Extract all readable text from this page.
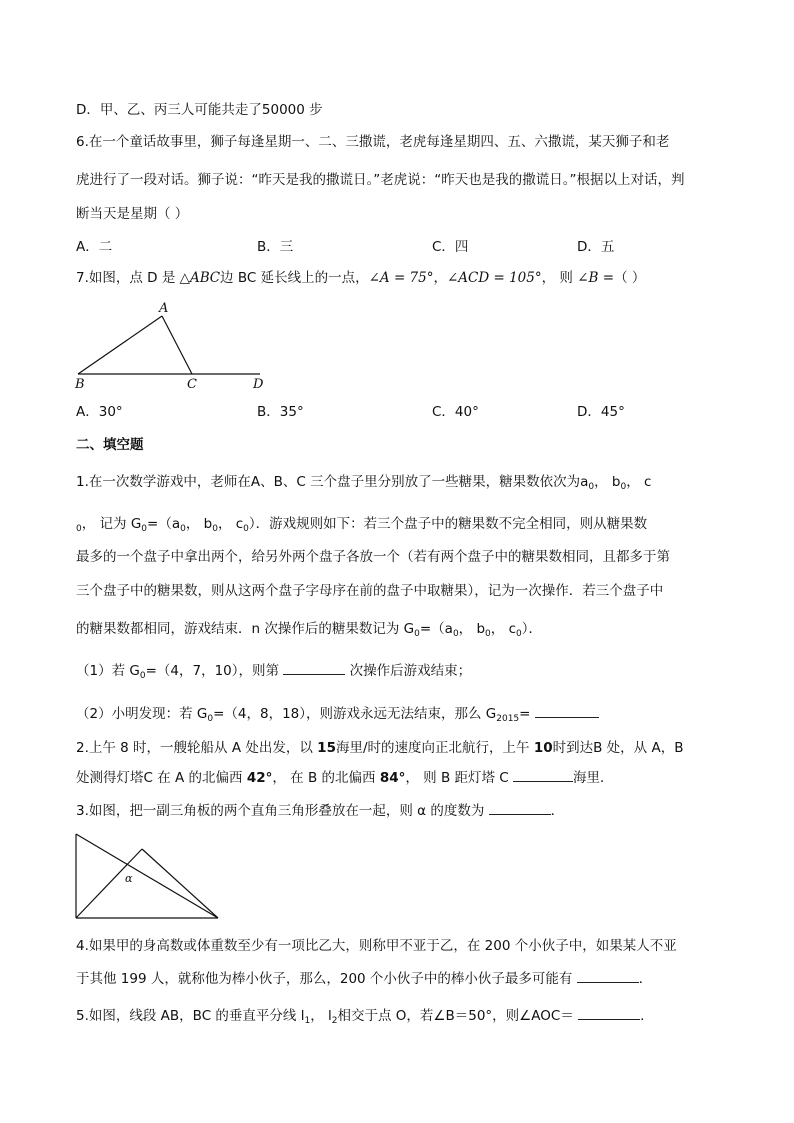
D．甲、乙、丙三人可能共走了50000 步
6.在一个童话故事里，狮子每逢星期一、二、三撒谎，老虎每逢星期四、五、六撒谎，某天狮子和老
虎进行了一段对话。狮子说：“昨天是我的撒谎日。”老虎说：“昨天也是我的撒谎日。”根据以上对话，判
断当天是星期（ ）
A．二	B．三	C．四	D．五
7.如图，点 D 是 △𝐴𝐵𝐶边 BC 延长线上的一点，∠𝐴 = 75°，∠𝐴𝐶𝐷 = 105°， 则 ∠𝐵 =（ ）
A
B	C	D
A．30°	B．35°	C．40°	D．45°
二、填空题
1.在一次数学游戏中，老师在A、B、C 三个盘子里分别放了一些糖果，糖果数依次为$a_0$， $b_0$， c
$_0$， 记为 $G_0=(a_0$， $b_0$， $c_0$）．游戏规则如下：若三个盘子中的糖果数不完全相同，则从糖果数
最多的一个盘子中拿出两个，给另外两个盘子各放一个（若有两个盘子中的糖果数相同，且都多于第
三个盘子中的糖果数，则从这两个盘子字母序在前的盘子中取糖果），记为一次操作．若三个盘子中
的糖果数都相同，游戏结束．n 次操作后的糖果数记为 $G_0=(a_0$， $b_0$， $c_0$）．
（1）若 $G_0=(4$，7，10），则第	次操作后游戏结束；
（2）小明发现：若 $G_0=(4$，8，18），则游戏永远无法结束，那么 $G_{2015}=$
2.上午 8 时，一艘轮船从 A 处出发，以 15海里/时的速度向正北航行，上午 10时到达B 处，从 A，B
处测得灯塔C 在 A 的北偏西 42°， 在 B 的北偏西 84°， 则 B 距灯塔 C	海里．
3.如图，把一副三角板的两个直角三角形叠放在一起，则 α 的度数为	．
α
4.如果甲的身高数或体重数至少有一项比乙大，则称甲不亚于乙，在 200 个小伙子中，如果某人不亚
于其他 199 人，就称他为棒小伙子，那么，200 个小伙子中的棒小伙子最多可能有	．
5.如图，线段 AB，BC 的垂直平分线 $l_1$， $l_2$相交于点 O，若∠B＝50°，则∠AOC＝	.
